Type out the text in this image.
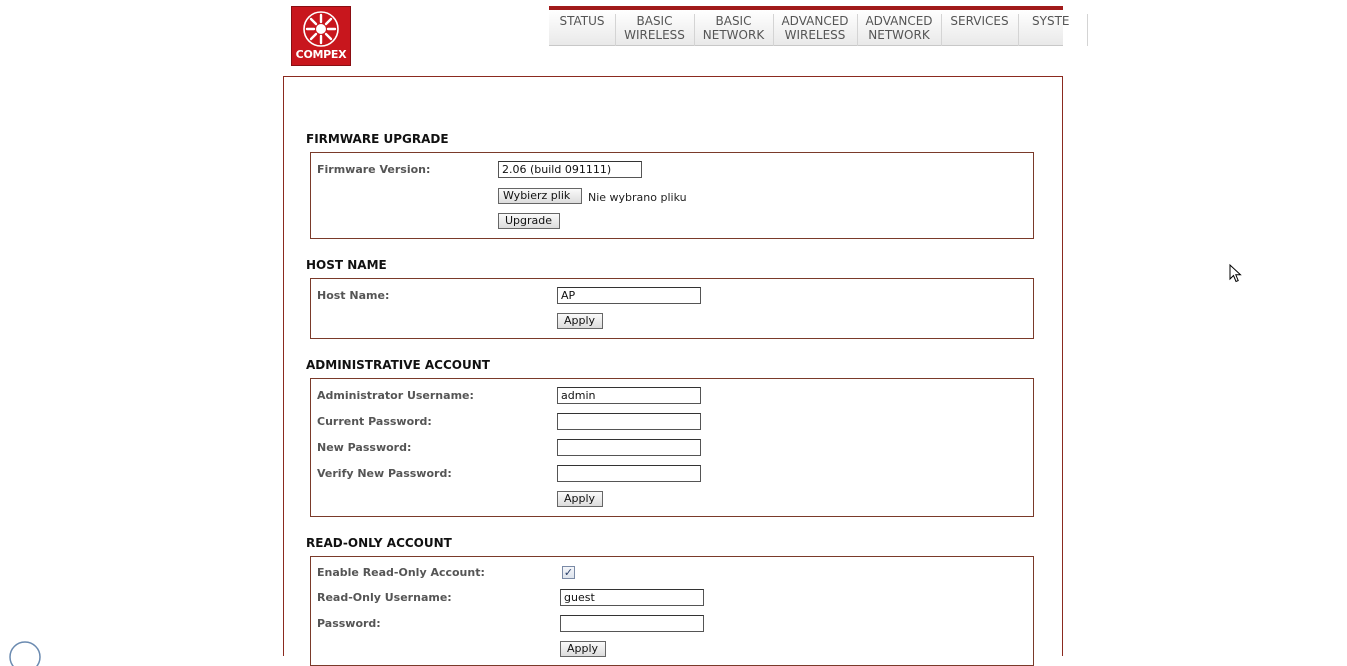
COMPEX
STATUS	BASIC
WIRELESS
BASIC
NETWORK
ADVANCED
WIRELESS
ADVANCED
NETWORK
SERVICES	SYSTE
FIRMWARE UPGRADE
Firmware Version:	2.06 (build 091111)
Wybierz plik	Nie wybrano pliku
Upgrade
HOST NAME
Host Name:	AP
Apply
ADMINISTRATIVE ACCOUNT
Administrator Username:	admin
Current Password:
New Password:
Verify New Password:
Apply
READ-ONLY ACCOUNT
Enable Read-Only Account:	✓
Read-Only Username:	guest
Password:
Apply
